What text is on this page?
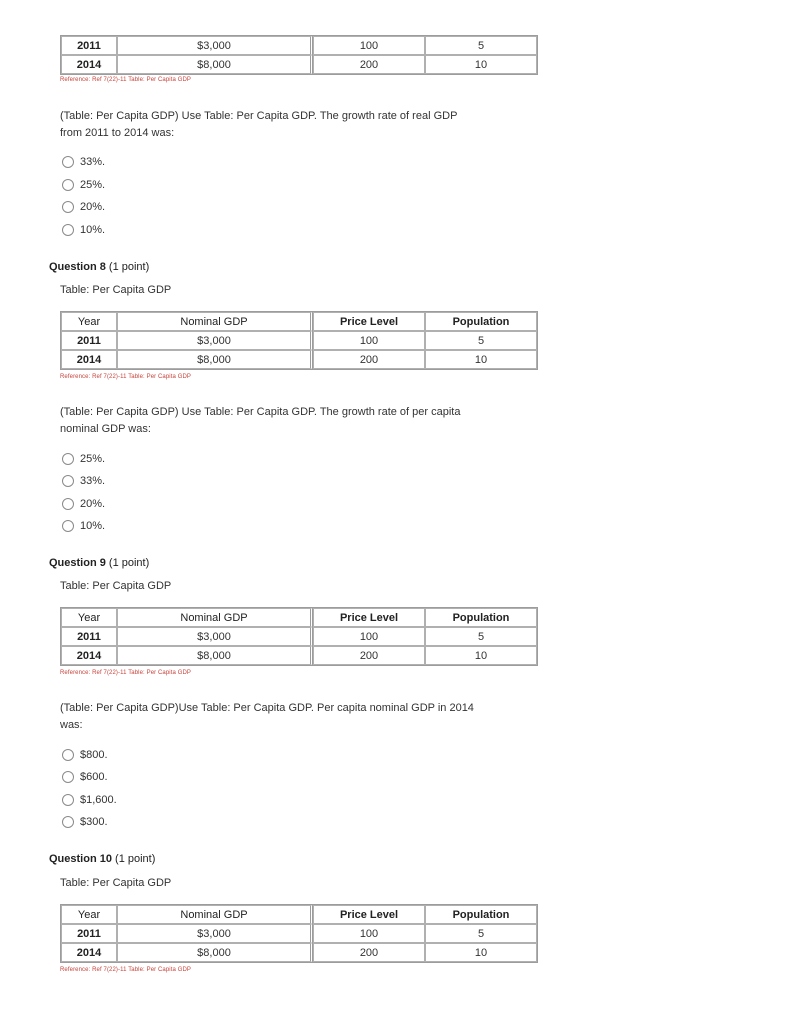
2011	$3,000	100	5
2014	$8,000	200	10
Reference: Ref 7(22)-11 Table: Per Capita GDP
(Table: Per Capita GDP) Use Table: Per Capita GDP. The growth rate of real GDP from 2011 to 2014 was:
33%.
25%.
20%.
10%.
Question 8 (1 point)
Table: Per Capita GDP
Year	Nominal GDP	Price Level	Population
2011	$3,000	100	5
2014	$8,000	200	10
Reference: Ref 7(22)-11 Table: Per Capita GDP
(Table: Per Capita GDP) Use Table: Per Capita GDP. The growth rate of per capita nominal GDP was:
25%.
33%.
20%.
10%.
Question 9 (1 point)
Table: Per Capita GDP
Year	Nominal GDP	Price Level	Population
2011	$3,000	100	5
2014	$8,000	200	10
Reference: Ref 7(22)-11 Table: Per Capita GDP
(Table: Per Capita GDP)Use Table: Per Capita GDP. Per capita nominal GDP in 2014 was:
$800.
$600.
$1,600.
$300.
Question 10 (1 point)
Table: Per Capita GDP
Year	Nominal GDP	Price Level	Population
2011	$3,000	100	5
2014	$8,000	200	10
Reference: Ref 7(22)-11 Table: Per Capita GDP
